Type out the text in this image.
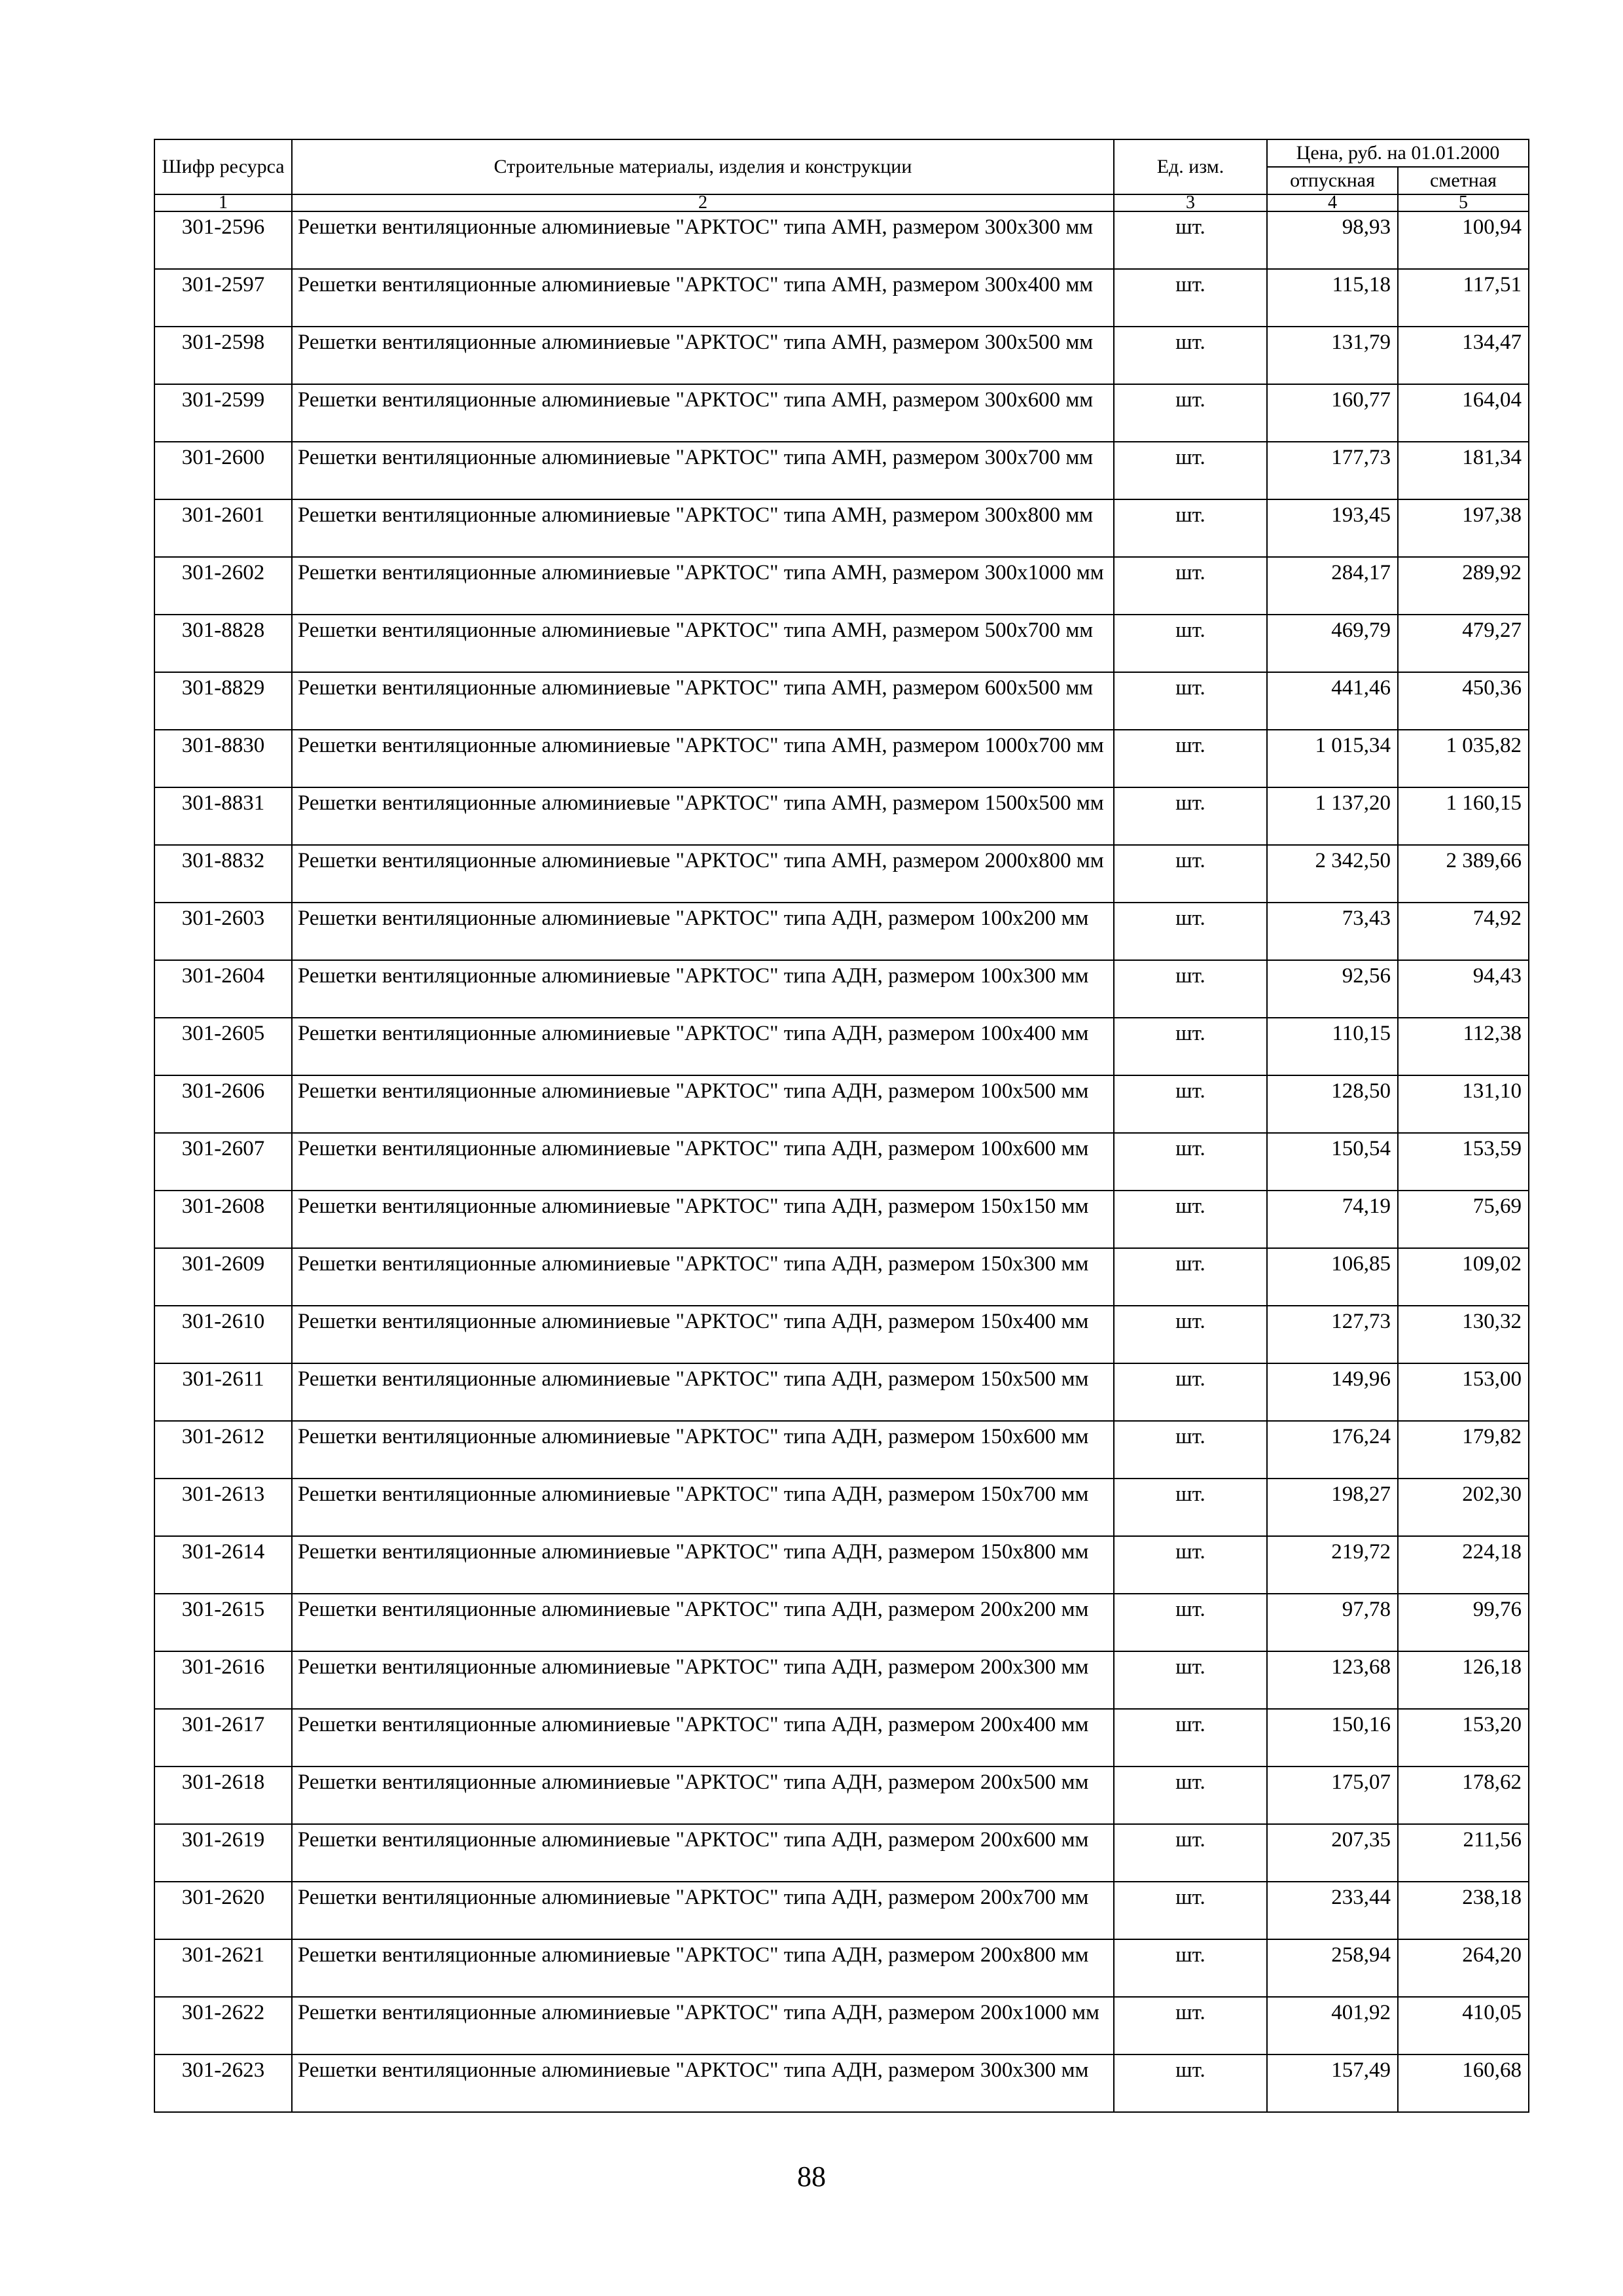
Шифр ресурса	Строительные материалы, изделия и конструкции	Ед. изм.	Цена, руб. на 01.01.2000	
			отпускная	сметная
1	2	3	4	5
301-2596	Решетки вентиляционные алюминиевые "АРКТОС" типа АМН, размером 300х300 мм	шт.	98,93	100,94
301-2597	Решетки вентиляционные алюминиевые "АРКТОС" типа АМН, размером 300х400 мм	шт.	115,18	117,51
301-2598	Решетки вентиляционные алюминиевые "АРКТОС" типа АМН, размером 300х500 мм	шт.	131,79	134,47
301-2599	Решетки вентиляционные алюминиевые "АРКТОС" типа АМН, размером 300х600 мм	шт.	160,77	164,04
301-2600	Решетки вентиляционные алюминиевые "АРКТОС" типа АМН, размером 300х700 мм	шт.	177,73	181,34
301-2601	Решетки вентиляционные алюминиевые "АРКТОС" типа АМН, размером 300х800 мм	шт.	193,45	197,38
301-2602	Решетки вентиляционные алюминиевые "АРКТОС" типа АМН, размером 300х1000 мм	шт.	284,17	289,92
301-8828	Решетки вентиляционные алюминиевые "АРКТОС" типа АМН, размером 500х700 мм	шт.	469,79	479,27
301-8829	Решетки вентиляционные алюминиевые "АРКТОС" типа АМН, размером 600х500 мм	шт.	441,46	450,36
301-8830	Решетки вентиляционные алюминиевые "АРКТОС" типа АМН, размером 1000х700 мм	шт.	1 015,34	1 035,82
301-8831	Решетки вентиляционные алюминиевые "АРКТОС" типа АМН, размером 1500х500 мм	шт.	1 137,20	1 160,15
301-8832	Решетки вентиляционные алюминиевые "АРКТОС" типа АМН, размером 2000х800 мм	шт.	2 342,50	2 389,66
301-2603	Решетки вентиляционные алюминиевые "АРКТОС" типа АДН, размером 100х200 мм	шт.	73,43	74,92
301-2604	Решетки вентиляционные алюминиевые "АРКТОС" типа АДН, размером 100х300 мм	шт.	92,56	94,43
301-2605	Решетки вентиляционные алюминиевые "АРКТОС" типа АДН, размером 100х400 мм	шт.	110,15	112,38
301-2606	Решетки вентиляционные алюминиевые "АРКТОС" типа АДН, размером 100х500 мм	шт.	128,50	131,10
301-2607	Решетки вентиляционные алюминиевые "АРКТОС" типа АДН, размером 100х600 мм	шт.	150,54	153,59
301-2608	Решетки вентиляционные алюминиевые "АРКТОС" типа АДН, размером 150х150 мм	шт.	74,19	75,69
301-2609	Решетки вентиляционные алюминиевые "АРКТОС" типа АДН, размером 150х300 мм	шт.	106,85	109,02
301-2610	Решетки вентиляционные алюминиевые "АРКТОС" типа АДН, размером 150х400 мм	шт.	127,73	130,32
301-2611	Решетки вентиляционные алюминиевые "АРКТОС" типа АДН, размером 150х500 мм	шт.	149,96	153,00
301-2612	Решетки вентиляционные алюминиевые "АРКТОС" типа АДН, размером 150х600 мм	шт.	176,24	179,82
301-2613	Решетки вентиляционные алюминиевые "АРКТОС" типа АДН, размером 150х700 мм	шт.	198,27	202,30
301-2614	Решетки вентиляционные алюминиевые "АРКТОС" типа АДН, размером 150х800 мм	шт.	219,72	224,18
301-2615	Решетки вентиляционные алюминиевые "АРКТОС" типа АДН, размером 200х200 мм	шт.	97,78	99,76
301-2616	Решетки вентиляционные алюминиевые "АРКТОС" типа АДН, размером 200х300 мм	шт.	123,68	126,18
301-2617	Решетки вентиляционные алюминиевые "АРКТОС" типа АДН, размером 200х400 мм	шт.	150,16	153,20
301-2618	Решетки вентиляционные алюминиевые "АРКТОС" типа АДН, размером 200х500 мм	шт.	175,07	178,62
301-2619	Решетки вентиляционные алюминиевые "АРКТОС" типа АДН, размером 200х600 мм	шт.	207,35	211,56
301-2620	Решетки вентиляционные алюминиевые "АРКТОС" типа АДН, размером 200х700 мм	шт.	233,44	238,18
301-2621	Решетки вентиляционные алюминиевые "АРКТОС" типа АДН, размером 200х800 мм	шт.	258,94	264,20
301-2622	Решетки вентиляционные алюминиевые "АРКТОС" типа АДН, размером 200х1000 мм	шт.	401,92	410,05
301-2623	Решетки вентиляционные алюминиевые "АРКТОС" типа АДН, размером 300х300 мм	шт.	157,49	160,68
88
